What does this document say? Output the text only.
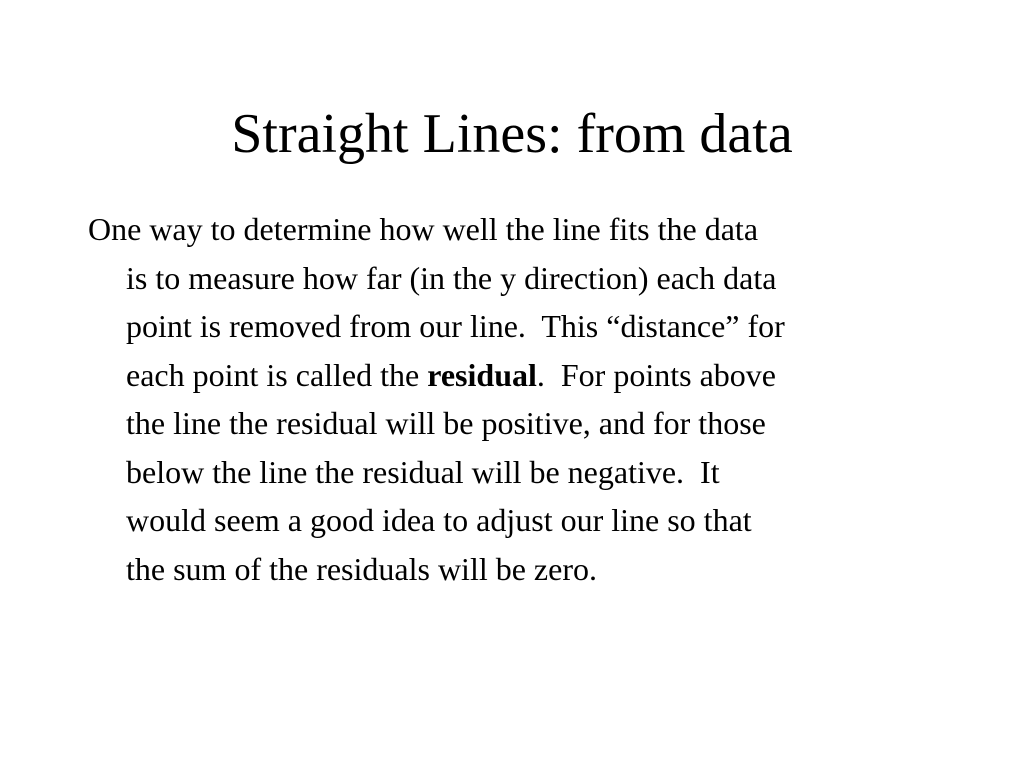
Straight Lines: from data
One way to determine how well the line fits the data
is to measure how far (in the y direction) each data
point is removed from our line.  This “distance” for
each point is called the residual.  For points above
the line the residual will be positive, and for those
below the line the residual will be negative.  It
would seem a good idea to adjust our line so that
the sum of the residuals will be zero.
